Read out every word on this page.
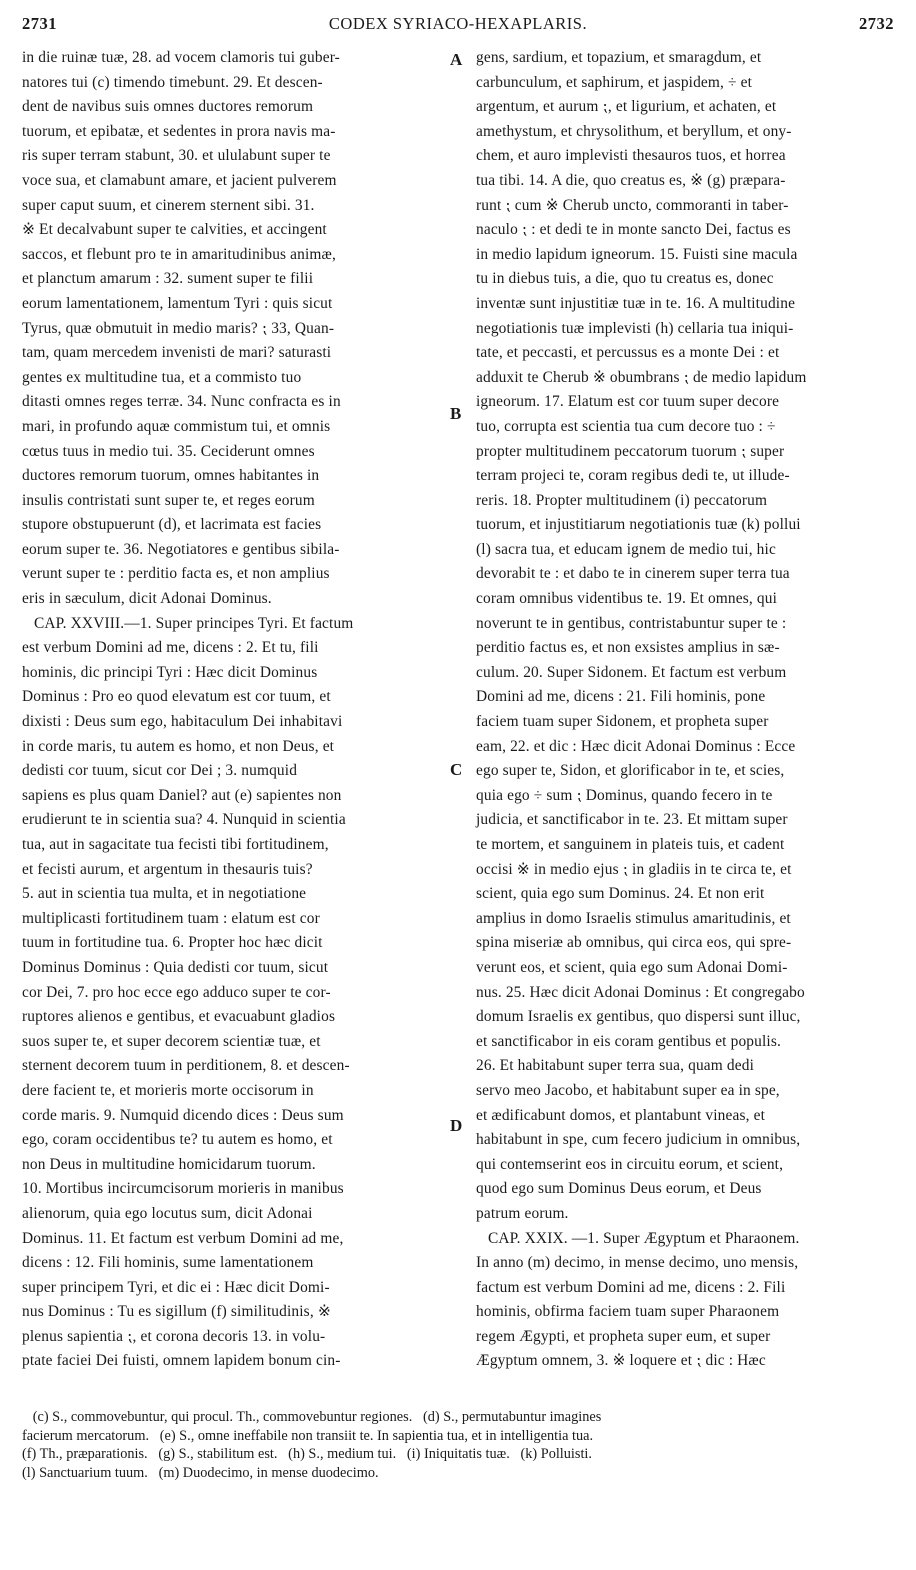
2731	CODEX SYRIACO-HEXAPLARIS.	2732
in die ruinæ tuæ, 28. ad vocem clamoris tui guber-
natores tui (c) timendo timebunt. 29. Et descen-
dent de navibus suis omnes ductores remorum
tuorum, et epibatæ, et sedentes in prora navis ma-
ris super terram stabunt, 30. et ululabunt super te
voce sua, et clamabunt amare, et jacient pulverem
super caput suum, et cinerem sternent sibi. 31.
※ Et decalvabunt super te calvities, et accingent
saccos, et flebunt pro te in amaritudinibus animæ,
et planctum amarum : 32. sument super te filii
eorum lamentationem, lamentum Tyri : quis sicut
Tyrus, quæ obmutuit in medio maris? ⁏ 33, Quan-
tam, quam mercedem invenisti de mari? saturasti
gentes ex multitudine tua, et a commisto tuo
ditasti omnes reges terræ. 34. Nunc confracta es in
mari, in profundo aquæ commistum tui, et omnis
cœtus tuus in medio tui. 35. Ceciderunt omnes
ductores remorum tuorum, omnes habitantes in
insulis contristati sunt super te, et reges eorum
stupore obstupuerunt (d), et lacrimata est facies
eorum super te. 36. Negotiatores e gentibus sibila-
verunt super te : perditio facta es, et non amplius
eris in sæculum, dicit Adonai Dominus.
CAP. XXVIII.—1. Super principes Tyri. Et factum
est verbum Domini ad me, dicens : 2. Et tu, fili
hominis, dic principi Tyri : Hæc dicit Dominus
Dominus : Pro eo quod elevatum est cor tuum, et
dixisti : Deus sum ego, habitaculum Dei inhabitavi
in corde maris, tu autem es homo, et non Deus, et
dedisti cor tuum, sicut cor Dei ; 3. numquid
sapiens es plus quam Daniel? aut (e) sapientes non
erudierunt te in scientia sua? 4. Nunquid in scientia
tua, aut in sagacitate tua fecisti tibi fortitudinem,
et fecisti aurum, et argentum in thesauris tuis?
5. aut in scientia tua multa, et in negotiatione
multiplicasti fortitudinem tuam : elatum est cor
tuum in fortitudine tua. 6. Propter hoc hæc dicit
Dominus Dominus : Quia dedisti cor tuum, sicut
cor Dei, 7. pro hoc ecce ego adduco super te cor-
ruptores alienos e gentibus, et evacuabunt gladios
suos super te, et super decorem scientiæ tuæ, et
sternent decorem tuum in perditionem, 8. et descen-
dere facient te, et morieris morte occisorum in
corde maris. 9. Numquid dicendo dices : Deus sum
ego, coram occidentibus te? tu autem es homo, et
non Deus in multitudine homicidarum tuorum.
10. Mortibus incircumcisorum morieris in manibus
alienorum, quia ego locutus sum, dicit Adonai
Dominus. 11. Et factum est verbum Domini ad me,
dicens : 12. Fili hominis, sume lamentationem
super principem Tyri, et dic ei : Hæc dicit Domi-
nus Dominus : Tu es sigillum (f) similitudinis, ※
plenus sapientia ⁏, et corona decoris 13. in volu-
ptate faciei Dei fuisti, omnem lapidem bonum cin-
gens, sardium, et topazium, et smaragdum, et
carbunculum, et saphirum, et jaspidem, ÷ et
argentum, et aurum ⁏, et ligurium, et achaten, et
amethystum, et chrysolithum, et beryllum, et ony-
chem, et auro implevisti thesauros tuos, et horrea
tua tibi. 14. A die, quo creatus es, ※ (g) præpara-
runt ⁏ cum ※ Cherub uncto, commoranti in taber-
naculo ⁏ : et dedi te in monte sancto Dei, factus es
in medio lapidum igneorum. 15. Fuisti sine macula
tu in diebus tuis, a die, quo tu creatus es, donec
inventæ sunt injustitiæ tuæ in te. 16. A multitudine
negotiationis tuæ implevisti (h) cellaria tua iniqui-
tate, et peccasti, et percussus es a monte Dei : et
adduxit te Cherub ※ obumbrans ⁏ de medio lapidum
igneorum. 17. Elatum est cor tuum super decore
tuo, corrupta est scientia tua cum decore tuo : ÷
propter multitudinem peccatorum tuorum ⁏ super
terram projeci te, coram regibus dedi te, ut illude-
reris. 18. Propter multitudinem (i) peccatorum
tuorum, et injustitiarum negotiationis tuæ (k) pollui
(l) sacra tua, et educam ignem de medio tui, hic
devorabit te : et dabo te in cinerem super terra tua
coram omnibus videntibus te. 19. Et omnes, qui
noverunt te in gentibus, contristabuntur super te :
perditio factus es, et non exsistes amplius in sæ-
culum. 20. Super Sidonem. Et factum est verbum
Domini ad me, dicens : 21. Fili hominis, pone
faciem tuam super Sidonem, et propheta super
eam, 22. et dic : Hæc dicit Adonai Dominus : Ecce
ego super te, Sidon, et glorificabor in te, et scies,
quia ego ÷ sum ⁏ Dominus, quando fecero in te
judicia, et sanctificabor in te. 23. Et mittam super
te mortem, et sanguinem in plateis tuis, et cadent
occisi ※ in medio ejus ⁏ in gladiis in te circa te, et
scient, quia ego sum Dominus. 24. Et non erit
amplius in domo Israelis stimulus amaritudinis, et
spina miseriæ ab omnibus, qui circa eos, qui spre-
verunt eos, et scient, quia ego sum Adonai Domi-
nus. 25. Hæc dicit Adonai Dominus : Et congregabo
domum Israelis ex gentibus, quo dispersi sunt illuc,
et sanctificabor in eis coram gentibus et populis.
26. Et habitabunt super terra sua, quam dedi
servo meo Jacobo, et habitabunt super ea in spe,
et ædificabunt domos, et plantabunt vineas, et
habitabunt in spe, cum fecero judicium in omnibus,
qui contemserint eos in circuitu eorum, et scient,
quod ego sum Dominus Deus eorum, et Deus
patrum eorum.
CAP. XXIX. —1. Super Ægyptum et Pharaonem.
In anno (m) decimo, in mense decimo, uno mensis,
factum est verbum Domini ad me, dicens : 2. Fili
hominis, obfirma faciem tuam super Pharaonem
regem Ægypti, et propheta super eum, et super
Ægyptum omnem, 3. ※ loquere et ⁏ dic : Hæc
A
B
C
D
(c) S., commovebuntur, qui procul. Th., commovebuntur regiones.   (d) S., permutabuntur imagines
facierum mercatorum.   (e) S., omne ineffabile non transiit te. In sapientia tua, et in intelligentia tua.
(f) Th., præparationis.   (g) S., stabilitum est.   (h) S., medium tui.   (i) Iniquitatis tuæ.   (k) Polluisti.
(l) Sanctuarium tuum.   (m) Duodecimo, in mense duodecimo.
